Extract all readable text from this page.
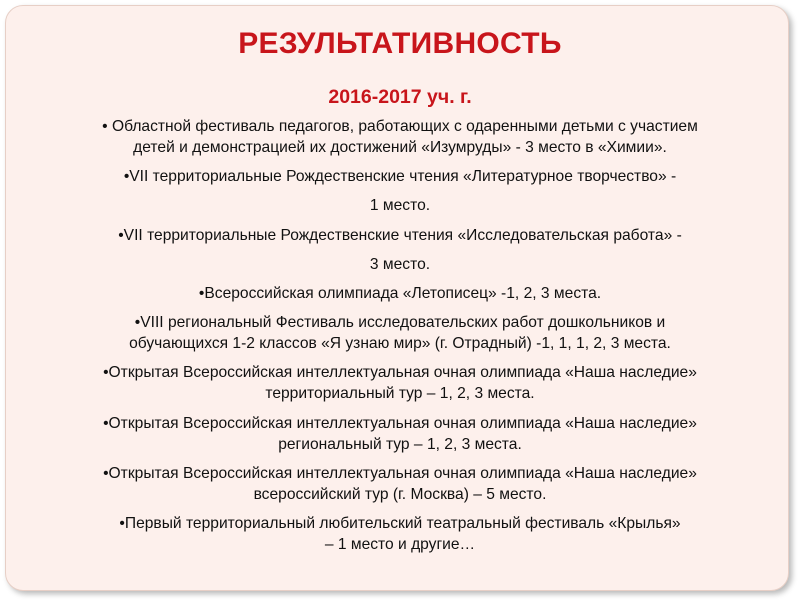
РЕЗУЛЬТАТИВНОСТЬ
2016-2017 уч. г.
• Областной фестиваль педагогов, работающих с одаренными детьми с участием
детей и демонстрацией их достижений «Изумруды» - 3 место в «Химии».
•VII территориальные Рождественские чтения «Литературное творчество» -
1 место.
•VII территориальные Рождественские чтения «Исследовательская работа» -
3 место.
•Всероссийская олимпиада «Летописец» -1, 2, 3 места.
•VIII региональный Фестиваль исследовательских работ дошкольников и
обучающихся 1-2 классов «Я узнаю мир» (г. Отрадный) -1, 1, 1, 2, 3 места.
•Открытая Всероссийская интеллектуальная очная олимпиада «Наша наследие»
территориальный тур – 1, 2, 3 места.
•Открытая Всероссийская интеллектуальная очная олимпиада «Наша наследие»
региональный тур – 1, 2, 3 места.
•Открытая Всероссийская интеллектуальная очная олимпиада «Наша наследие»
всероссийский тур (г. Москва) – 5 место.
•Первый территориальный любительский театральный фестиваль «Крылья»
– 1 место и другие…
